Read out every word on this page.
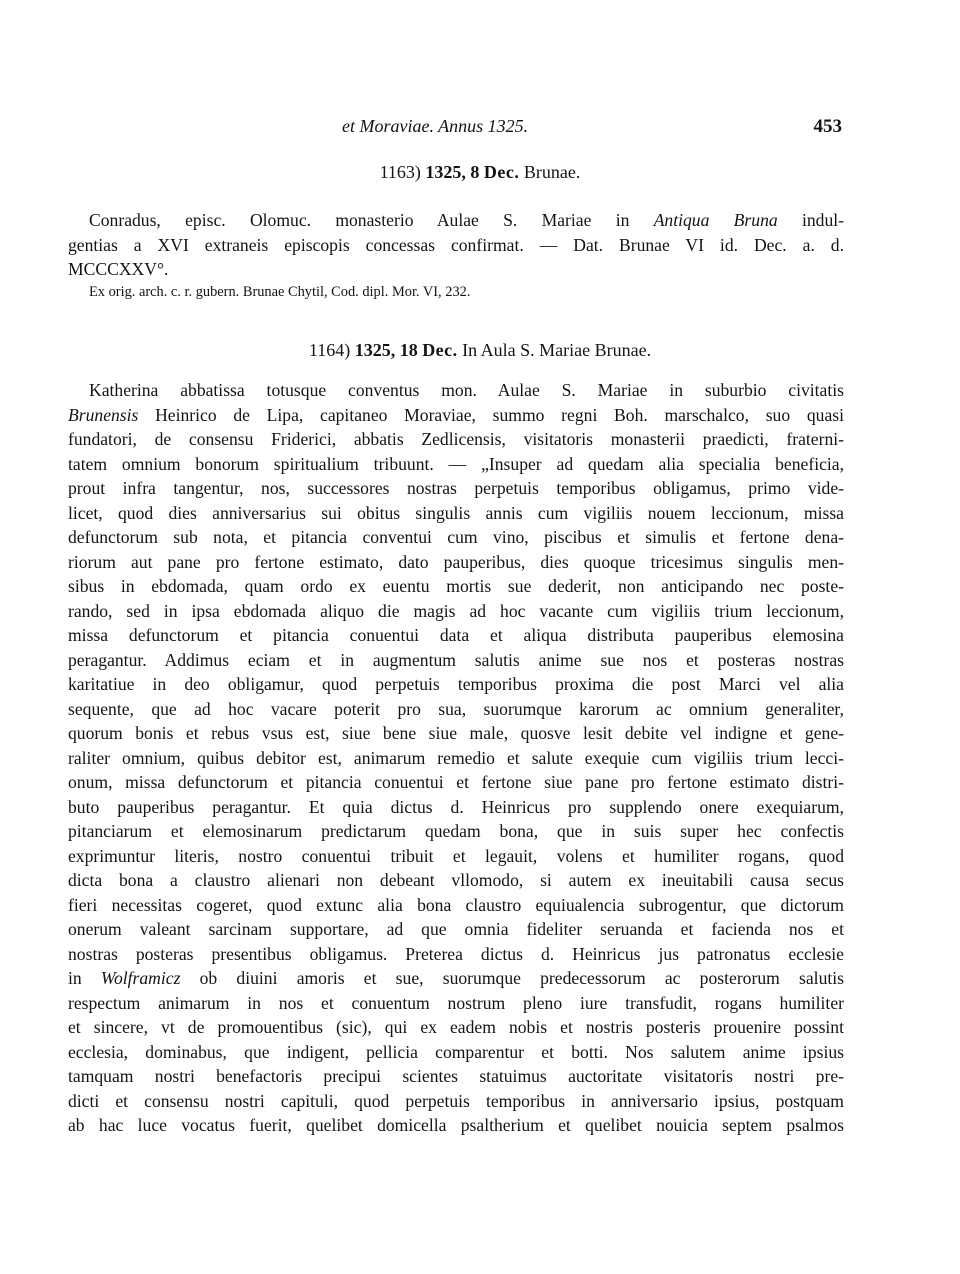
et Moraviae. Annus 1325.	453
1163) 1325, 8 Dec. Brunae.
Conradus, episc. Olomuc. monasterio Aulae S. Mariae in Antiqua Bruna indul-
gentias a XVI extraneis episcopis concessas confirmat. — Dat. Brunae VI id. Dec. a. d.
MCCCXXV°.
Ex orig. arch. c. r. gubern. Brunae Chytil, Cod. dipl. Mor. VI, 232.
1164) 1325, 18 Dec. In Aula S. Mariae Brunae.
Katherina abbatissa totusque conventus mon. Aulae S. Mariae in suburbio civitatis
Brunensis Heinrico de Lipa, capitaneo Moraviae, summo regni Boh. marschalco, suo quasi
fundatori, de consensu Friderici, abbatis Zedlicensis, visitatoris monasterii praedicti, fraterni-
tatem omnium bonorum spiritualium tribuunt. — „Insuper ad quedam alia specialia beneficia,
prout infra tangentur, nos, successores nostras perpetuis temporibus obligamus, primo vide-
licet, quod dies anniversarius sui obitus singulis annis cum vigiliis nouem leccionum, missa
defunctorum sub nota, et pitancia conventui cum vino, piscibus et simulis et fertone dena-
riorum aut pane pro fertone estimato, dato pauperibus, dies quoque tricesimus singulis men-
sibus in ebdomada, quam ordo ex euentu mortis sue dederit, non anticipando nec poste-
rando, sed in ipsa ebdomada aliquo die magis ad hoc vacante cum vigiliis trium leccionum,
missa defunctorum et pitancia conuentui data et aliqua distributa pauperibus elemosina
peragantur. Addimus eciam et in augmentum salutis anime sue nos et posteras nostras
karitatiue in deo obligamur, quod perpetuis temporibus proxima die post Marci vel alia
sequente, que ad hoc vacare poterit pro sua, suorumque karorum ac omnium generaliter,
quorum bonis et rebus vsus est, siue bene siue male, quosve lesit debite vel indigne et gene-
raliter omnium, quibus debitor est, animarum remedio et salute exequie cum vigiliis trium lecci-
onum, missa defunctorum et pitancia conuentui et fertone siue pane pro fertone estimato distri-
buto pauperibus peragantur. Et quia dictus d. Heinricus pro supplendo onere exequiarum,
pitanciarum et elemosinarum predictarum quedam bona, que in suis super hec confectis
exprimuntur literis, nostro conuentui tribuit et legauit, volens et humiliter rogans, quod
dicta bona a claustro alienari non debeant vllomodo, si autem ex ineuitabili causa secus
fieri necessitas cogeret, quod extunc alia bona claustro equiualencia subrogentur, que dictorum
onerum valeant sarcinam supportare, ad que omnia fideliter seruanda et facienda nos et
nostras posteras presentibus obligamus. Preterea dictus d. Heinricus jus patronatus ecclesie
in Wolframicz ob diuini amoris et sue, suorumque predecessorum ac posterorum salutis
respectum animarum in nos et conuentum nostrum pleno iure transfudit, rogans humiliter
et sincere, vt de promouentibus (sic), qui ex eadem nobis et nostris posteris prouenire possint
ecclesia, dominabus, que indigent, pellicia comparentur et botti. Nos salutem anime ipsius
tamquam nostri benefactoris precipui scientes statuimus auctoritate visitatoris nostri pre-
dicti et consensu nostri capituli, quod perpetuis temporibus in anniversario ipsius, postquam
ab hac luce vocatus fuerit, quelibet domicella psaltherium et quelibet nouicia septem psalmos
